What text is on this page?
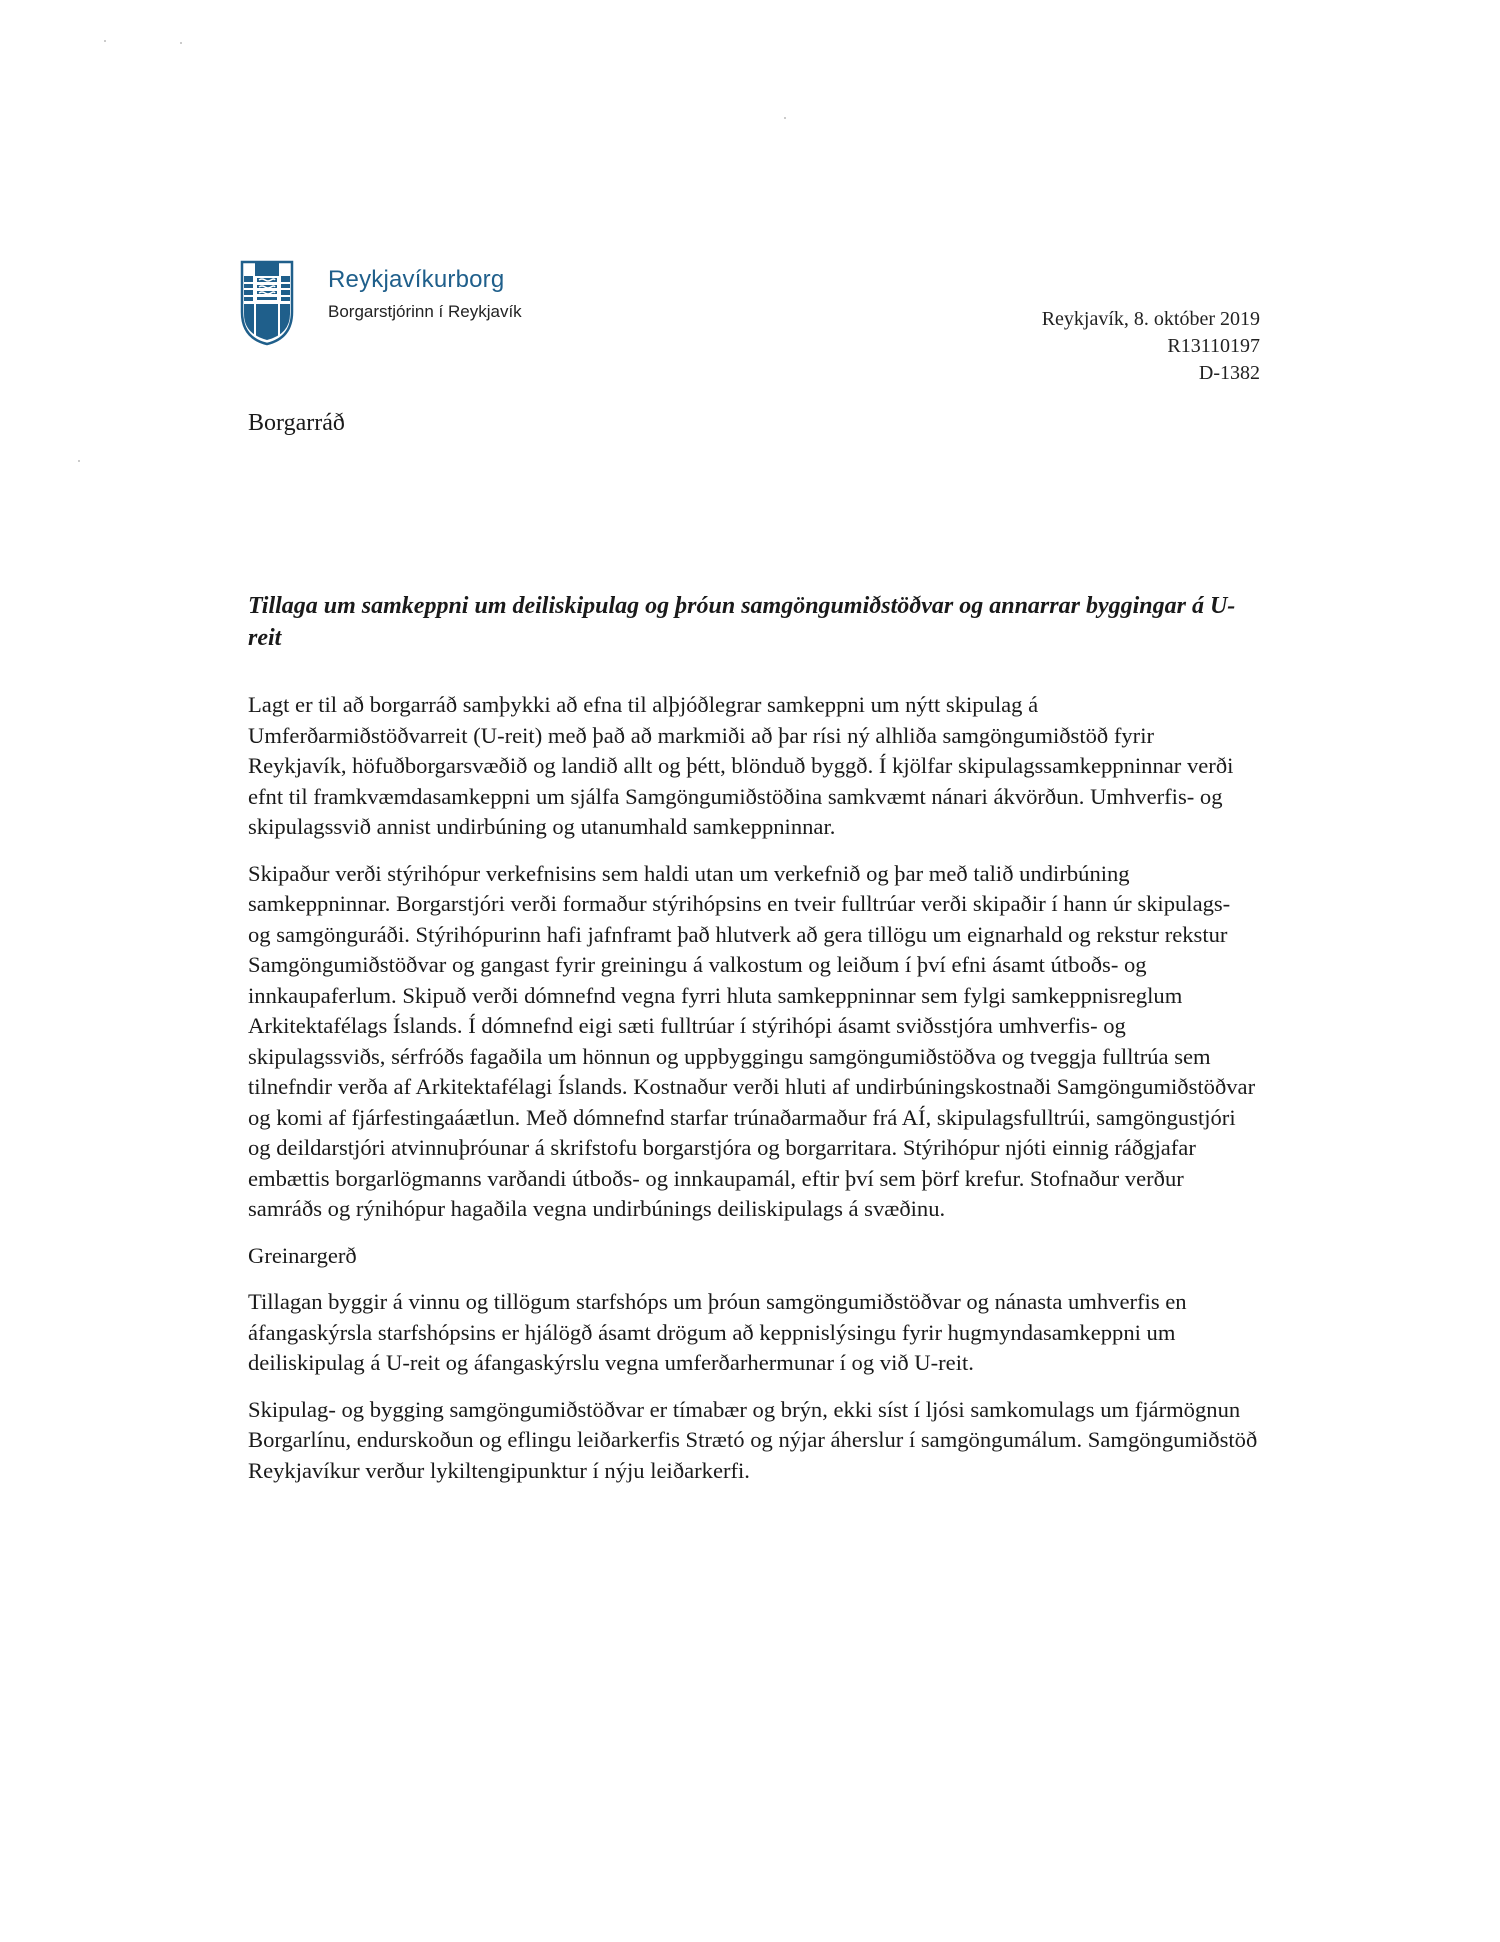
Reykjavíkurborg
Borgarstjórinn í Reykjavík	Reykjavík, 8. október 2019
R13110197
D-1382
Borgarráð
Tillaga um samkeppni um deiliskipulag og þróun samgöngumiðstöðvar og annarrar byggingar á U-reit

Lagt er til að borgarráð samþykki að efna til alþjóðlegrar samkeppni um nýtt skipulag á Umferðarmiðstöðvarreit (U-reit) með það að markmiði að þar rísi ný alhliða samgöngumiðstöð fyrir Reykjavík, höfuðborgarsvæðið og landið allt og þétt, blönduð byggð. Í kjölfar skipulagssamkeppninnar verði efnt til framkvæmdasamkeppni um sjálfa Samgöngumiðstöðina samkvæmt nánari ákvörðun. Umhverfis- og skipulagssvið annist undirbúning og utanumhald samkeppninnar.

Skipaður verði stýrihópur verkefnisins sem haldi utan um verkefnið og þar með talið undirbúning samkeppninnar. Borgarstjóri verði formaður stýrihópsins en tveir fulltrúar verði skipaðir í hann úr skipulags- og samgönguráði. Stýrihópurinn hafi jafnframt það hlutverk að gera tillögu um eignarhald og rekstur rekstur Samgöngumiðstöðvar og gangast fyrir greiningu á valkostum og leiðum í því efni ásamt útboðs- og innkaupaferlum. Skipuð verði dómnefnd vegna fyrri hluta samkeppninnar sem fylgi samkeppnisreglum Arkitektafélags Íslands. Í dómnefnd eigi sæti fulltrúar í stýrihópi ásamt sviðsstjóra umhverfis- og skipulagssviðs, sérfróðs fagaðila um hönnun og uppbyggingu samgöngumiðstöðva og tveggja fulltrúa sem tilnefndir verða af Arkitektafélagi Íslands. Kostnaður verði hluti af undirbúningskostnaði Samgöngumiðstöðvar og komi af fjárfestingaáætlun. Með dómnefnd starfar trúnaðarmaður frá AÍ, skipulagsfulltrúi, samgöngustjóri og deildarstjóri atvinnuþróunar á skrifstofu borgarstjóra og borgarritara. Stýrihópur njóti einnig ráðgjafar embættis borgarlögmanns varðandi útboðs- og innkaupamál, eftir því sem þörf krefur. Stofnaður verður samráðs og rýnihópur hagaðila vegna undirbúnings deiliskipulags á svæðinu.

Greinargerð

Tillagan byggir á vinnu og tillögum starfshóps um þróun samgöngumiðstöðvar og nánasta umhverfis en áfangaskýrsla starfshópsins er hjálögð ásamt drögum að keppnislýsingu fyrir hugmyndasamkeppni um deiliskipulag á U-reit og áfangaskýrslu vegna umferðarhermunar í og við U-reit.

Skipulag- og bygging samgöngumiðstöðvar er tímabær og brýn, ekki síst í ljósi samkomulags um fjármögnun Borgarlínu, endurskoðun og eflingu leiðarkerfis Strætó og nýjar áherslur í samgöngumálum. Samgöngumiðstöð Reykjavíkur verður lykiltengipunktur í nýju leiðarkerfi.
